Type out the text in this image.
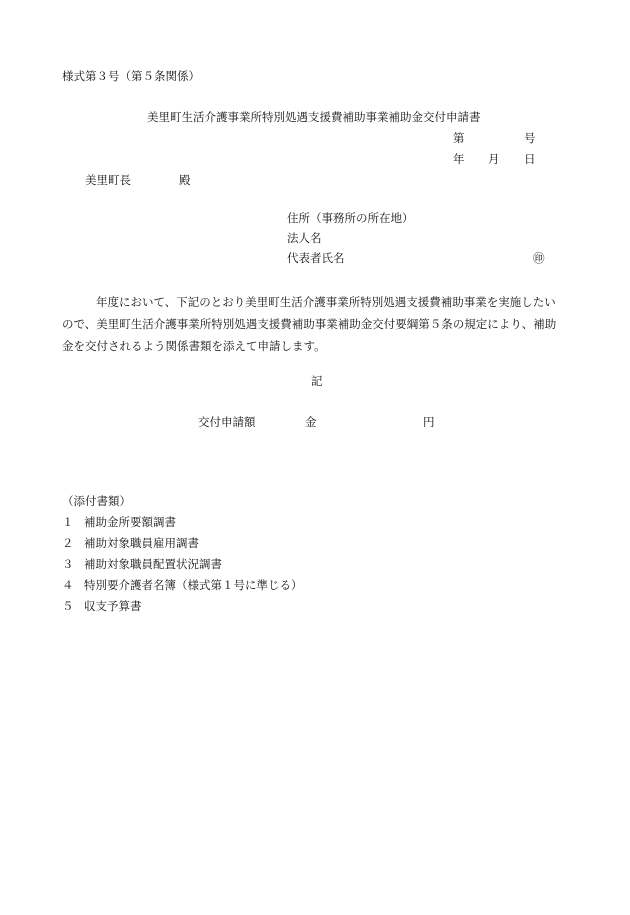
様式第３号（第５条関係）
美里町生活介護事業所特別処遇支援費補助事業補助金交付申請書
第	号
年 月 日
美里町長	殿
住所（事務所の所在地）
法人名
代表者氏名	㊞
年度において、下記のとおり美里町生活介護事業所特別処遇支援費補助事業を実施したい
ので、美里町生活介護事業所特別処遇支援費補助事業補助金交付要綱第５条の規定により、補助
金を交付されるよう関係書類を添えて申請します。
記
交付申請額	金	円
（添付書類）
１ 補助金所要額調書
２ 補助対象職員雇用調書
３ 補助対象職員配置状況調書
４ 特別要介護者名簿（様式第１号に準じる）
５ 収支予算書
